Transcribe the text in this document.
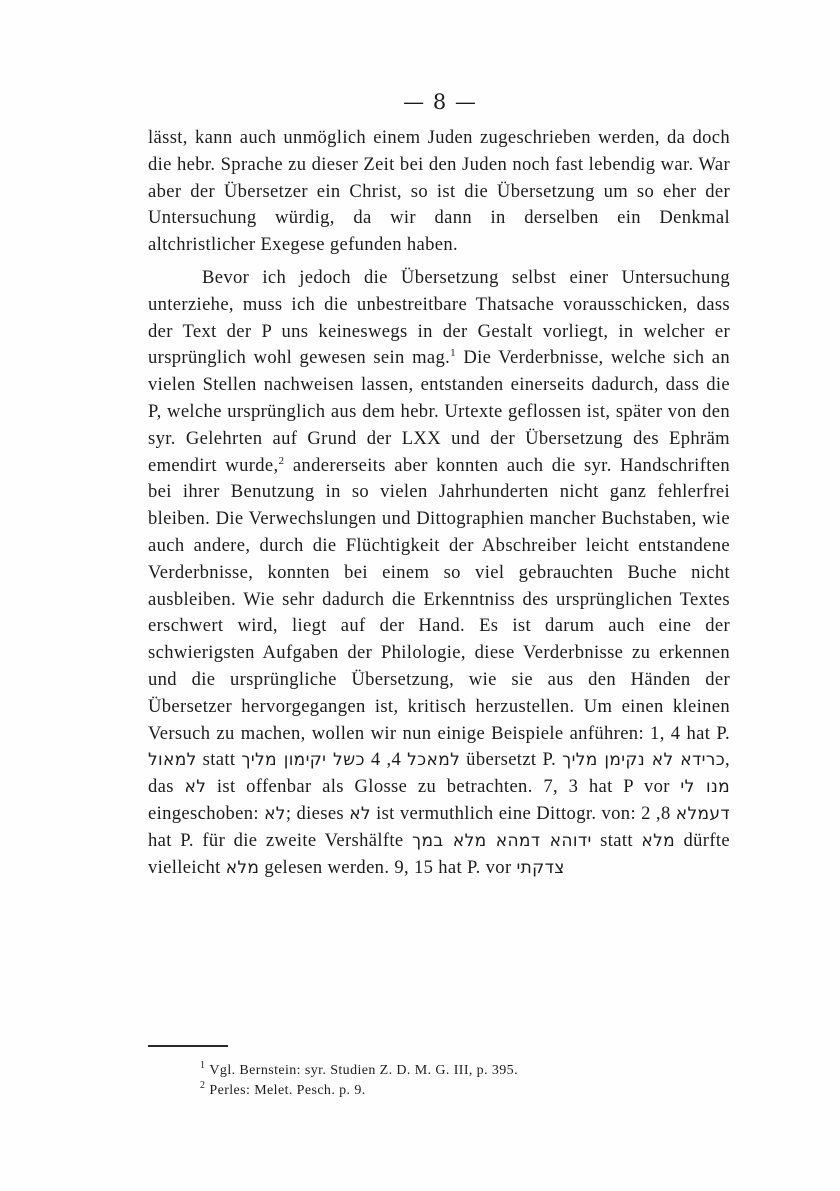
— 8 —

lässt, kann auch unmöglich einem Juden zugeschrieben werden, da doch die hebr. Sprache zu dieser Zeit bei den Juden noch fast lebendig war. War aber der Übersetzer ein Christ, so ist die Übersetzung um so eher der Untersuchung würdig, da wir dann in derselben ein Denkmal altchristlicher Exegese gefunden haben.

Bevor ich jedoch die Übersetzung selbst einer Untersuchung unterziehe, muss ich die unbestreitbare Thatsache vorausschicken, dass der Text der P uns keineswegs in der Gestalt vorliegt, in welcher er ursprünglich wohl gewesen sein mag.$^1$ Die Verderbnisse, welche sich an vielen Stellen nachweisen lassen, entstanden einerseits dadurch, dass die P, welche ursprünglich aus dem hebr. Urtexte geflossen ist, später von den syr. Gelehrten auf Grund der LXX und der Übersetzung des Ephräm emendirt wurde,$^2$ andererseits aber konnten auch die syr. Handschriften bei ihrer Benutzung in so vielen Jahrhunderten nicht ganz fehlerfrei bleiben. Die Verwechslungen und Dittographien mancher Buchstaben, wie auch andere, durch die Flüchtigkeit der Abschreiber leicht entstandene Verderbnisse, konnten bei einem so viel gebrauchten Buche nicht ausbleiben. Wie sehr dadurch die Erkenntniss des ursprünglichen Textes erschwert wird, liegt auf der Hand. Es ist darum auch eine der schwierigsten Aufgaben der Philologie, diese Verderbnisse zu erkennen und die ursprüngliche Übersetzung, wie sie aus den Händen der Übersetzer hervorgegangen ist, kritisch herzustellen. Um einen kleinen Versuch zu machen, wollen wir nun einige Beispiele anführen: 1, 4 hat P. למאול statt	למאכל 4, 4 כשל יקימון מליך	übersetzt P. כרידא לא נקימן מליך, das לא ist offenbar als Glosse zu betrachten. 7, 3 hat P vor מנו לי eingeschoben: לא; dieses לא ist vermuthlich eine Dittogr. von: דעמלא 8, 2 hat P. für die zweite Vershälfte ידוהא דמהא מלא במך statt מלא dürfte vielleicht מלא gelesen werden. 9, 15 hat P. vor צדקתי

$^1$ Vgl. Bernstein: syr. Studien Z. D. M. G. III, p. 395.
$^2$ Perles: Melet. Pesch. p. 9.
